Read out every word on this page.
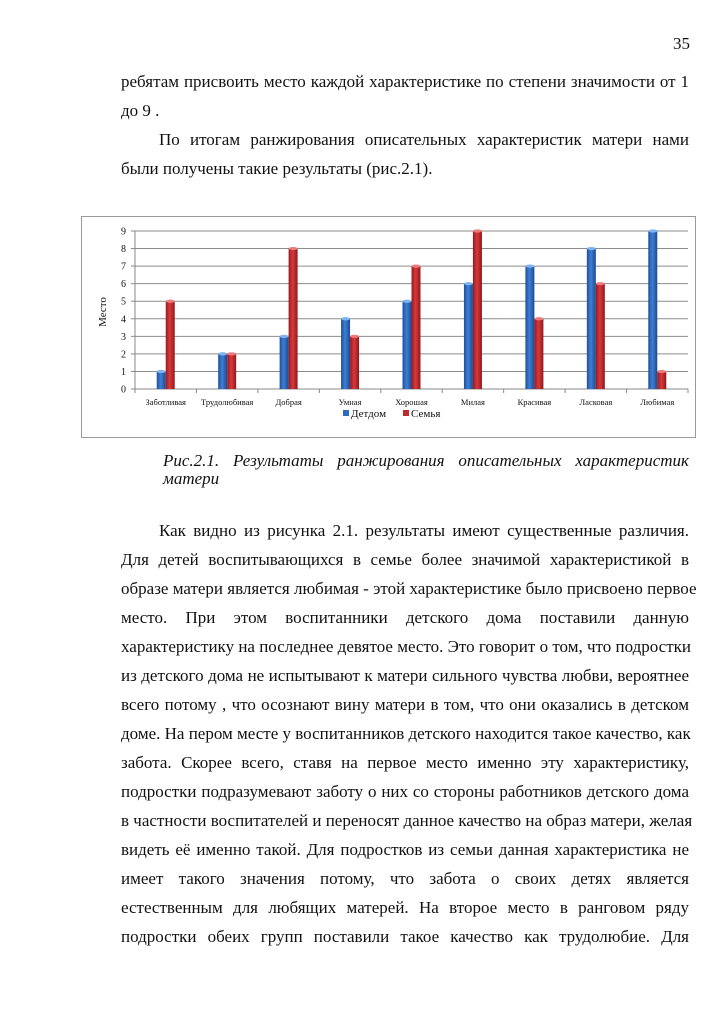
35
ребятам присвоить место каждой характеристике по степени значимости от 1
до 9 .
По итогам ранжирования описательных характеристик матери нами
были получены такие результаты (рис.2.1).
0
1
2
3
4
5
6
7
8
9
Заботливая Трудолюбивая	Добрая	Умная	Хорошая	Милая	Красивая	Ласковая	Любимая
Место
Детдом Семья
Рис.2.1. Результаты ранжирования описательных характеристик
матери
Как видно из рисунка 2.1. результаты имеют существенные различия.
Для детей воспитывающихся в семье более значимой характеристикой в
образе матери является любимая - этой характеристике было присвоено первое
место. При этом воспитанники детского дома поставили данную
характеристику на последнее девятое место. Это говорит о том, что подростки
из детского дома не испытывают к матери сильного чувства любви, вероятнее
всего потому , что осознают вину матери в том, что они оказались в детском
доме. На пером месте у воспитанников детского находится такое качество, как
забота. Скорее всего, ставя на первое место именно эту характеристику,
подростки подразумевают заботу о них со стороны работников детского дома
в частности воспитателей и переносят данное качество на образ матери, желая
видеть её именно такой. Для подростков из семьи данная характеристика не
имеет такого значения потому, что забота о своих детях является
естественным для любящих матерей. На второе место в ранговом ряду
подростки обеих групп поставили такое качество как трудолюбие. Для
